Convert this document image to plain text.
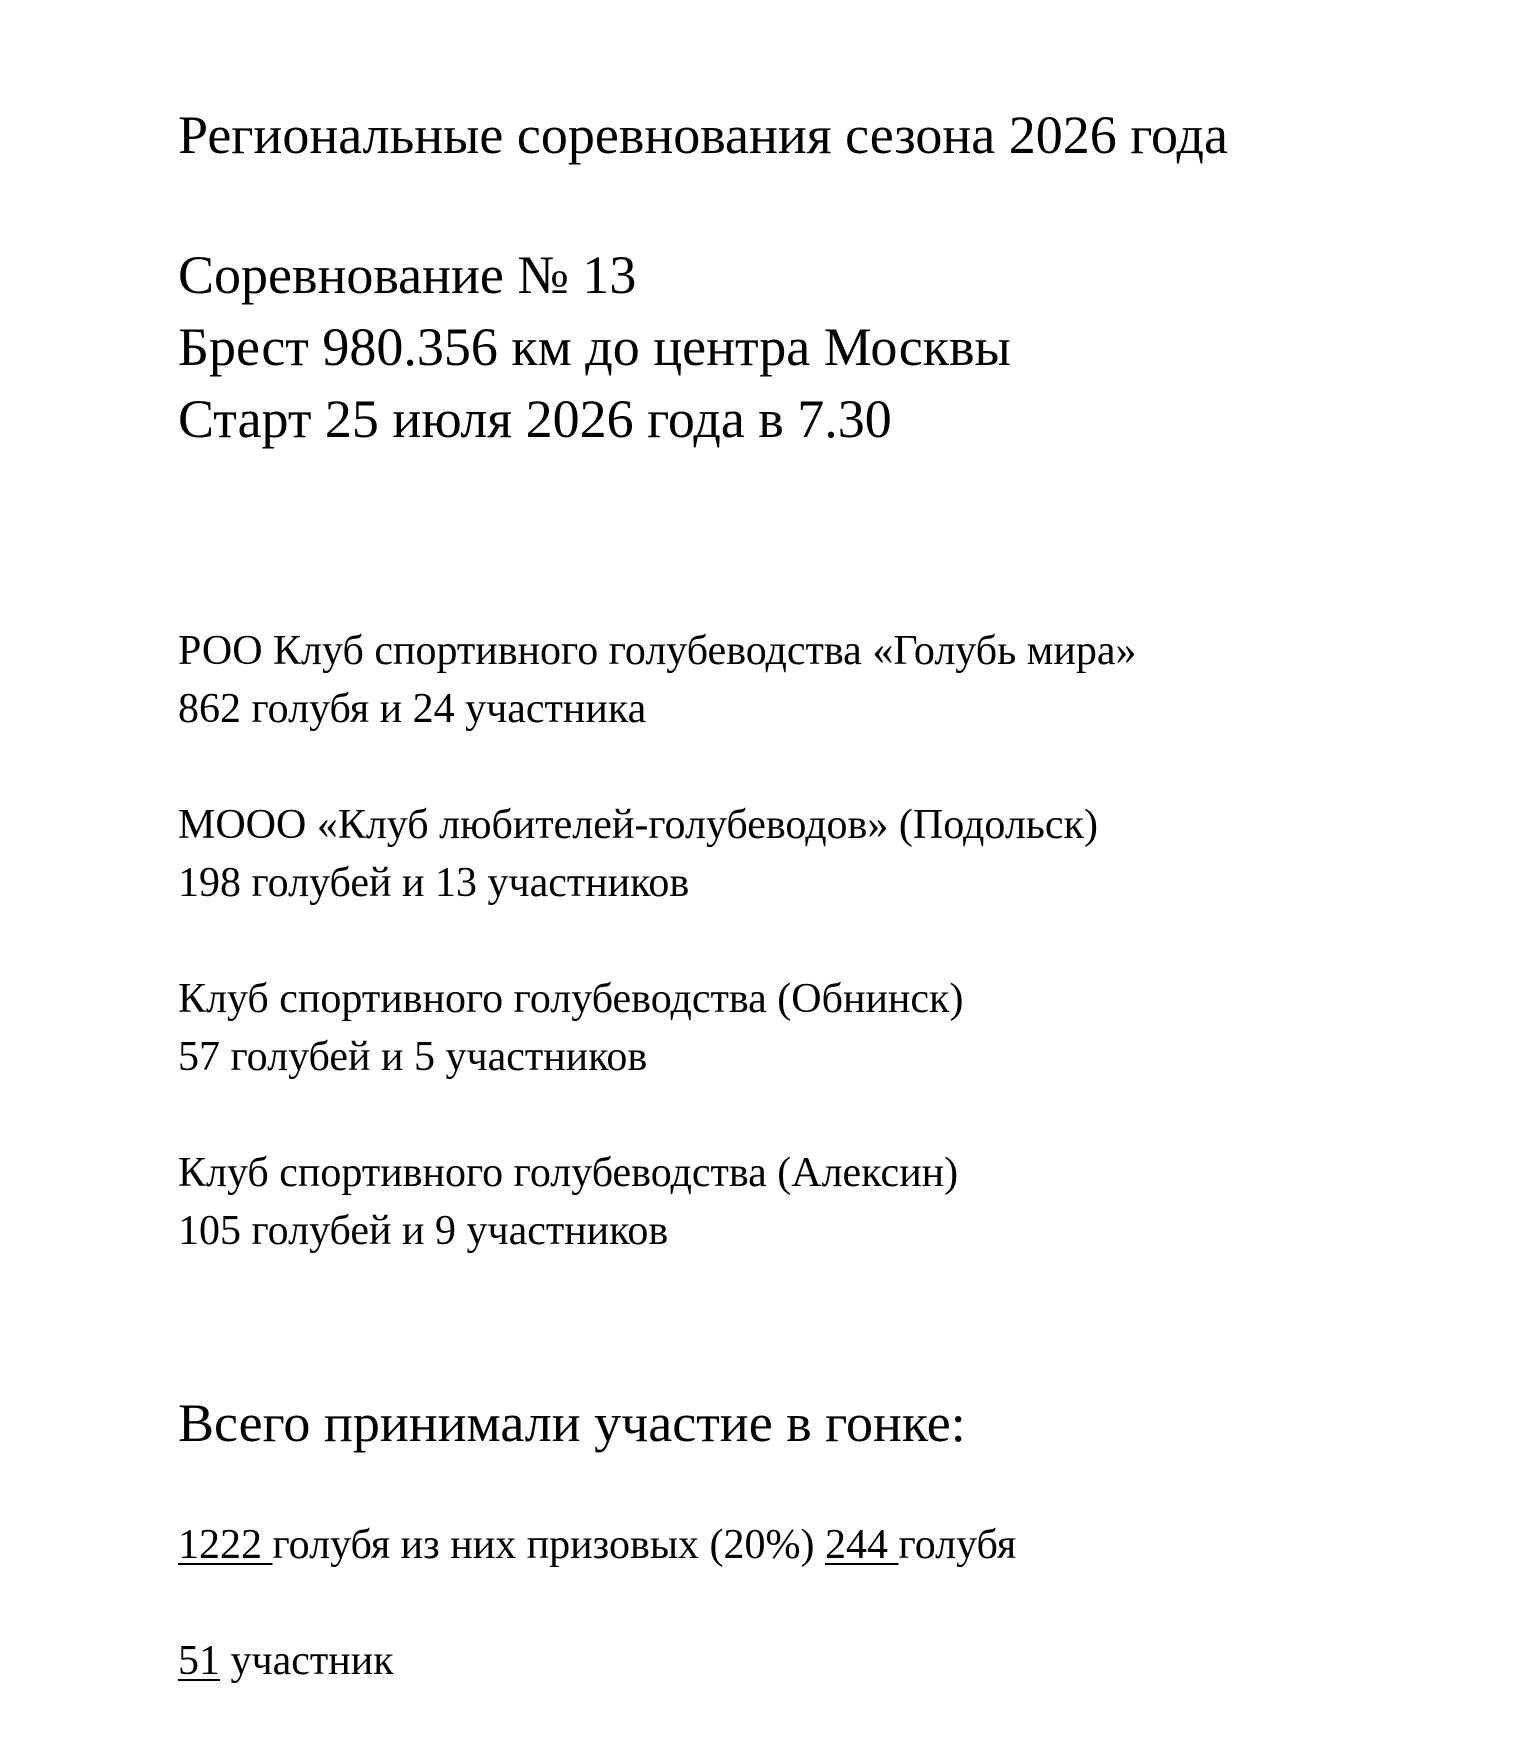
Региональные соревнования сезона 2026 года
Соревнование № 13
Брест 980.356 км до центра Москвы
Старт 25 июля 2026 года в 7.30
РОО Клуб спортивного голубеводства «Голубь мира»
862 голубя и 24 участника
МООО «Клуб любителей-голубеводов» (Подольск)
198 голубей и 13 участников
Клуб спортивного голубеводства (Обнинск)
57 голубей и 5 участников
Клуб спортивного голубеводства (Алексин)
105 голубей и 9 участников
Всего принимали участие в гонке:
1222 голубя из них призовых (20%) 244 голубя
51 участник
